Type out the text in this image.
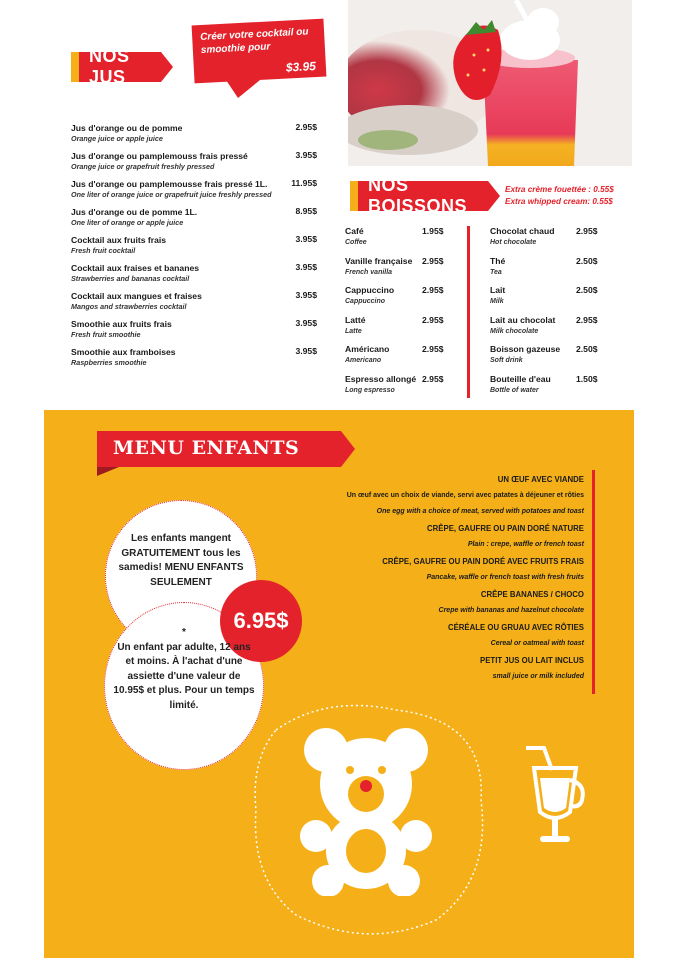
NOS JUS
Créer votre cocktail ou smoothie pour
$3.95
Jus d'orange ou de pomme
Orange juice or apple juice
2.95$
Jus d'orange ou pamplemouss frais pressé
Orange juice or grapefruit freshly pressed
3.95$
Jus d'orange ou pamplemousse frais pressé 1L.
One liter of orange juice or grapefruit juice freshly pressed
11.95$
Jus d'orange ou de pomme 1L.
One liter of orange or apple juice
8.95$
Cocktail aux fruits frais
Fresh fruit cocktail
3.95$
Cocktail aux fraises et bananes
Strawberries and bananas cocktail
3.95$
Cocktail aux mangues et fraises
Mangos and strawberries cocktail
3.95$
Smoothie aux fruits frais
Fresh fruit smoothie
3.95$
Smoothie aux framboises
Raspberries smoothie
3.95$
NOS BOISSONS
Extra crème fouettée : 0.55$
Extra whipped cream: 0.55$
Café
Coffee
1.95$
Vanille française
French vanilla
2.95$
Cappuccino
Cappuccino
2.95$
Latté
Latte
2.95$
Américano
Americano
2.95$
Espresso allongé
Long espresso
2.95$
Chocolat chaud
Hot chocolate
2.95$
Thé
Tea
2.50$
Lait
Milk
2.50$
Lait au chocolat
Milk chocolate
2.95$
Boisson gazeuse
Soft drink
2.50$
Bouteille d'eau
Bottle of water
1.50$
MENU ENFANTS
UN ŒUF AVEC VIANDE
Un œuf avec un choix de viande, servi avec patates à déjeuner et rôties
One egg with a choice of meat, served with potatoes and toast
CRÊPE, GAUFRE OU PAIN DORÉ NATURE
Plain : crepe, waffle or french toast
CRÊPE, GAUFRE OU PAIN DORÉ AVEC FRUITS FRAIS
Pancake, waffle or french toast with fresh fruits
CRÊPE BANANES / CHOCO
Crepe with bananas and hazelnut chocolate
CÉRÉALE OU GRUAU AVEC RÔTIES
Cereal or oatmeal with toast
PETIT JUS OU LAIT INCLUS
small juice or milk included
Les enfants mangent GRATUITEMENT tous les samedis! MENU ENFANTS SEULEMENT
6.95$
*
Un enfant par adulte, 12 ans et moins. À l'achat d'une assiette d'une valeur de 10.95$ et plus. Pour un temps limité.
